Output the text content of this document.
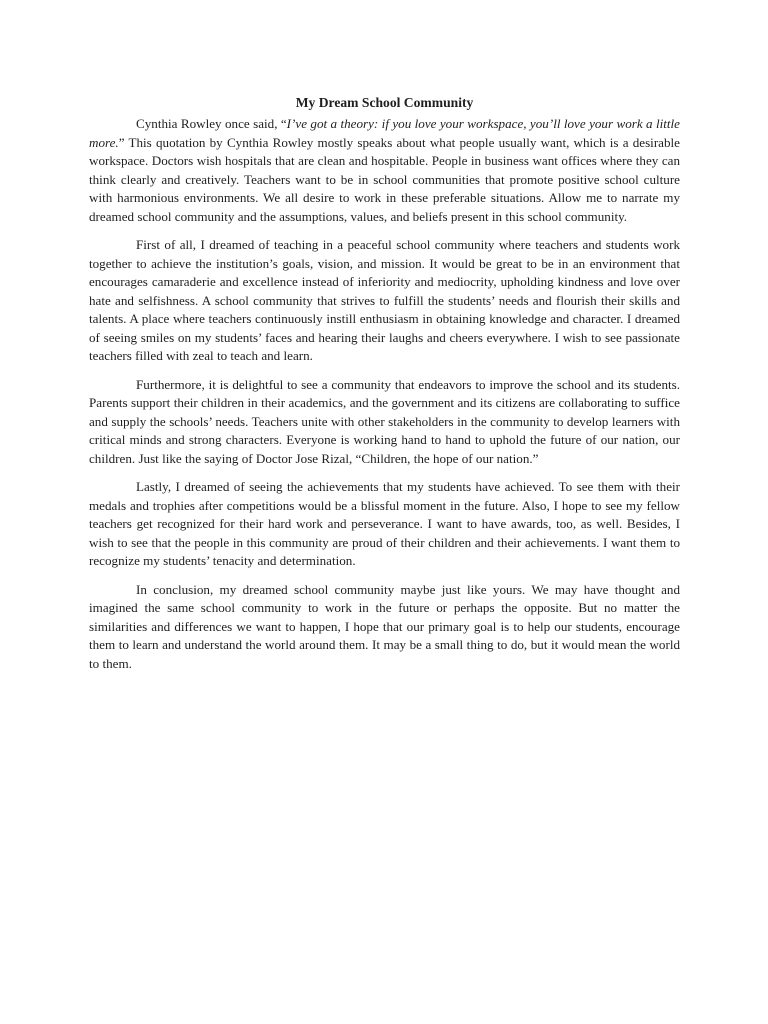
My Dream School Community

Cynthia Rowley once said, “I’ve got a theory: if you love your workspace, you’ll love your work a little more.” This quotation by Cynthia Rowley mostly speaks about what people usually want, which is a desirable workspace. Doctors wish hospitals that are clean and hospitable. People in business want offices where they can think clearly and creatively. Teachers want to be in school communities that promote positive school culture with harmonious environments. We all desire to work in these preferable situations. Allow me to narrate my dreamed school community and the assumptions, values, and beliefs present in this school community.

First of all, I dreamed of teaching in a peaceful school community where teachers and students work together to achieve the institution’s goals, vision, and mission. It would be great to be in an environment that encourages camaraderie and excellence instead of inferiority and mediocrity, upholding kindness and love over hate and selfishness. A school community that strives to fulfill the students’ needs and flourish their skills and talents. A place where teachers continuously instill enthusiasm in obtaining knowledge and character. I dreamed of seeing smiles on my students’ faces and hearing their laughs and cheers everywhere. I wish to see passionate teachers filled with zeal to teach and learn.

Furthermore, it is delightful to see a community that endeavors to improve the school and its students. Parents support their children in their academics, and the government and its citizens are collaborating to suffice and supply the schools’ needs. Teachers unite with other stakeholders in the community to develop learners with critical minds and strong characters. Everyone is working hand to hand to uphold the future of our nation, our children. Just like the saying of Doctor Jose Rizal, “Children, the hope of our nation.”

Lastly, I dreamed of seeing the achievements that my students have achieved. To see them with their medals and trophies after competitions would be a blissful moment in the future. Also, I hope to see my fellow teachers get recognized for their hard work and perseverance. I want to have awards, too, as well. Besides, I wish to see that the people in this community are proud of their children and their achievements. I want them to recognize my students’ tenacity and determination.

In conclusion, my dreamed school community maybe just like yours. We may have thought and imagined the same school community to work in the future or perhaps the opposite. But no matter the similarities and differences we want to happen, I hope that our primary goal is to help our students, encourage them to learn and understand the world around them. It may be a small thing to do, but it would mean the world to them.
